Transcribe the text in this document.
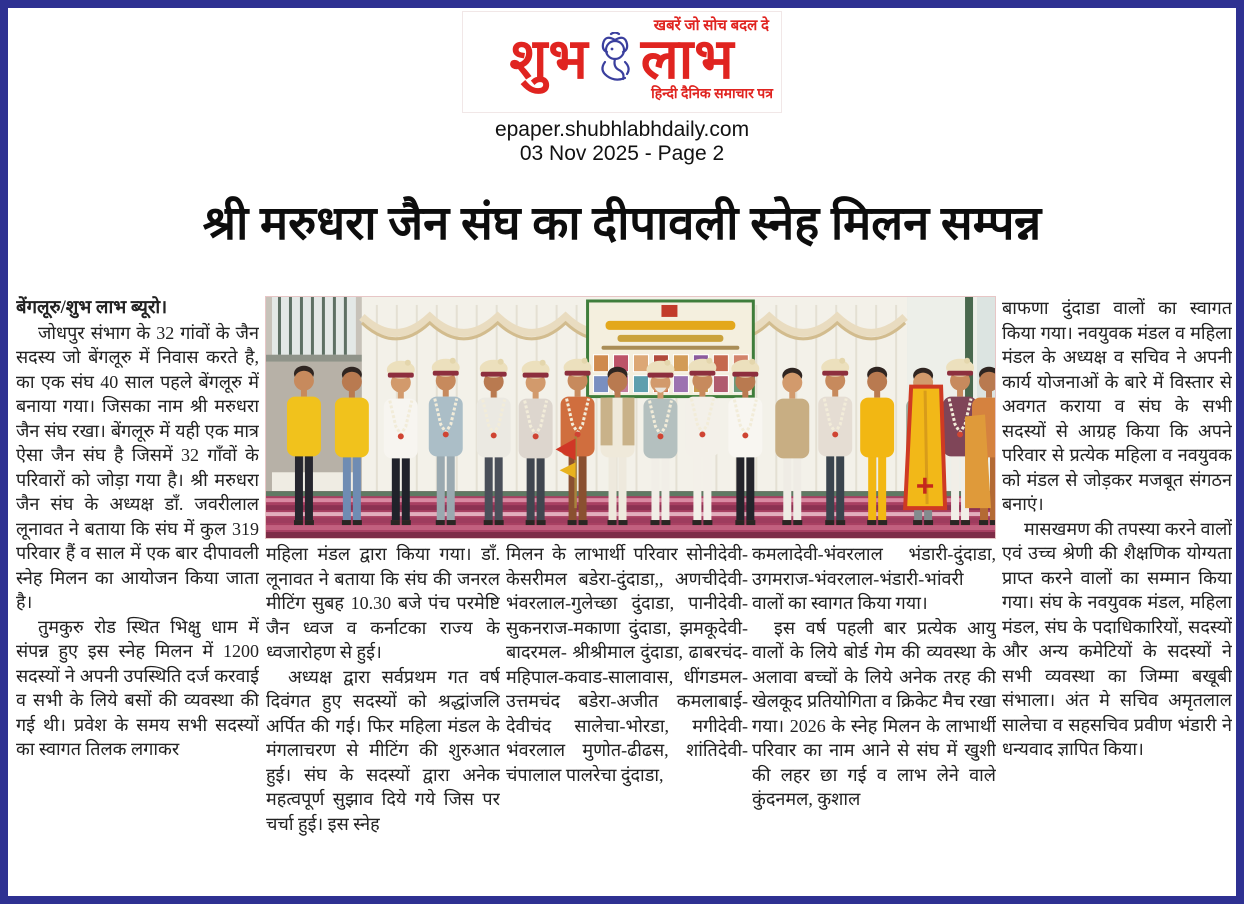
खबरें जो सोच बदल दे
शुभ लाभ
हिन्दी दैनिक समाचार पत्र
epaper.shubhlabhdaily.com
03 Nov 2025 - Page 2
श्री मरुधरा जैन संघ का दीपावली स्नेह मिलन सम्पन्न

बेंगलूरु/शुभ लाभ ब्यूरो।

जोधपुर संभाग के 32 गांवों के जैन सदस्य जो बेंगलूरु में निवास करते है, का एक संघ 40 साल पहले बेंगलूरु में बनाया गया। जिसका नाम श्री मरुधरा जैन संघ रखा। बेंगलूरु में यही एक मात्र ऐसा जैन संघ है जिसमें 32 गाँवों के परिवारों को जोड़ा गया है। श्री मरुधरा जैन संघ के अध्यक्ष डाँ. जवरीलाल लूनावत ने बताया कि संघ में कुल 319 परिवार हैं व साल में एक बार दीपावली स्नेह मिलन का आयोजन किया जाता है।

तुमकुरु रोड स्थित भिक्षु धाम में संपन्न हुए इस स्नेह मिलन में 1200 सदस्यों ने अपनी उपस्थिति दर्ज करवाई व सभी के लिये बसों की व्यवस्था की गई थी। प्रवेश के समय सभी सदस्यों का स्वागत तिलक लगाकर

महिला मंडल द्वारा किया गया। डाँ. लूनावत ने बताया कि संघ की जनरल मीटिंग सुबह 10.30 बजे पंच परमेष्टि जैन ध्वज व कर्नाटका राज्य के ध्वजारोहण से हुई।

अध्यक्ष द्वारा सर्वप्रथम गत वर्ष दिवंगत हुए सदस्यों को श्रद्धांजलि अर्पित की गई। फिर महिला मंडल के मंगलाचरण से मीटिंग की शुरुआत हुई। संघ के सदस्यों द्वारा अनेक महत्वपूर्ण सुझाव दिये गये जिस पर चर्चा हुई। इस स्नेह

मिलन के लाभार्थी परिवार सोनीदेवी-केसरीमल बडेरा-दुंदाडा,, अणचीदेवी-भंवरलाल-गुलेच्छा दुंदाडा, पानीदेवी-सुकनराज-मकाणा दुंदाडा, झमकूदेवी-बादरमल- श्रीश्रीमाल दुंदाडा, ढाबरचंद-महिपाल-कवाड-सालावास, धींगडमल-उत्तमचंद बडेरा-अजीत कमलाबाई-देवीचंद सालेचा-भोरडा, मगीदेवी-भंवरलाल मुणोत-ढीढस, शांतिदेवी-चंपालाल पालरेचा दुंदाडा,

कमलादेवी-भंवरलाल भंडारी-दुंदाडा, उगमराज-भंवरलाल-भंडारी-भांवरी वालों का स्वागत किया गया।

इस वर्ष पहली बार प्रत्येक आयु वालों के लिये बोर्ड गेम की व्यवस्था के अलावा बच्चों के लिये अनेक तरह की खेलकूद प्रतियोगिता व क्रिकेट मैच रखा गया। 2026 के स्नेह मिलन के लाभार्थी परिवार का नाम आने से संघ में खुशी की लहर छा गई व लाभ लेने वाले कुंदनमल, कुशाल

बाफणा दुंदाडा वालों का स्वागत किया गया। नवयुवक मंडल व महिला मंडल के अध्यक्ष व सचिव ने अपनी कार्य योजनाओं के बारे में विस्तार से अवगत कराया व संघ के सभी सदस्यों से आग्रह किया कि अपने परिवार से प्रत्येक महिला व नवयुवक को मंडल से जोड़कर मजबूत संगठन बनाएं।

मासखमण की तपस्या करने वालों एवं उच्च श्रेणी की शैक्षणिक योग्यता प्राप्त करने वालों का सम्मान किया गया। संघ के नवयुवक मंडल, महिला मंडल, संघ के पदाधिकारियों, सदस्यों और अन्य कमेटियों के सदस्यों ने सभी व्यवस्था का जिम्मा बखूबी संभाला। अंत मे सचिव अमृतलाल सालेचा व सहसचिव प्रवीण भंडारी ने धन्यवाद ज्ञापित किया।
